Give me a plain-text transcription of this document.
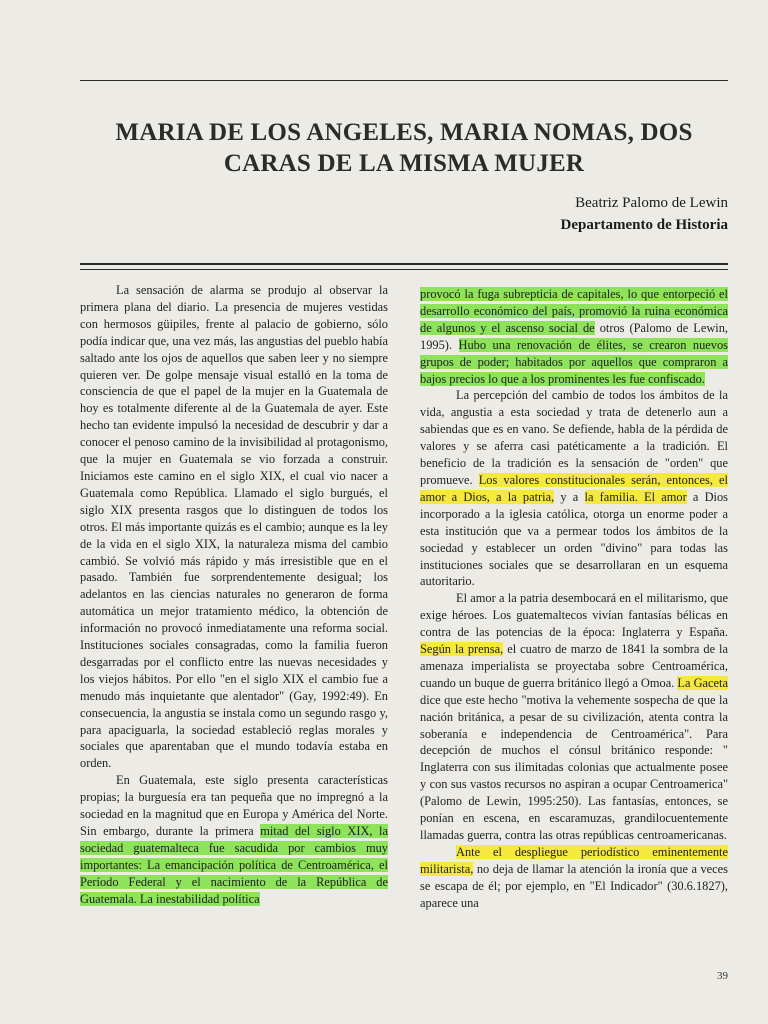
MARIA DE LOS ANGELES, MARIA NOMAS, DOS
CARAS DE LA MISMA MUJER
Beatriz Palomo de Lewin
Departamento de Historia

La sensación de alarma se produjo al observar la primera plana del diario. La presencia de mujeres vestidas con hermosos güipiles, frente al palacio de gobierno, sólo podía indicar que, una vez más, las angustias del pueblo había saltado ante los ojos de aquellos que saben leer y no siempre quieren ver. De golpe mensaje visual estalló en la toma de consciencia de que el papel de la mujer en la Guatemala de hoy es totalmente diferente al de la Guatemala de ayer. Este hecho tan evidente impulsó la necesidad de descubrir y dar a conocer el penoso camino de la invisibilidad al protagonismo, que la mujer en Guatemala se vio forzada a construir. Iniciamos este camino en el siglo XIX, el cual vio nacer a Guatemala como República. Llamado el siglo burgués, el siglo XIX presenta rasgos que lo distinguen de todos los otros. El más importante quizás es el cambio; aunque es la ley de la vida en el siglo XIX, la naturaleza misma del cambio cambió. Se volvió más rápido y más irresistible que en el pasado. También fue sorprendentemente desigual; los adelantos en las ciencias naturales no generaron de forma automática un mejor tratamiento médico, la obtención de información no provocó inmediatamente una reforma social. Instituciones sociales consagradas, como la familia fueron desgarradas por el conflicto entre las nuevas necesidades y los viejos hábitos. Por ello "en el siglo XIX el cambio fue a menudo más inquietante que alentador" (Gay, 1992:49). En consecuencia, la angustia se instala como un segundo rasgo y, para apaciguarla, la sociedad estableció reglas morales y sociales que aparentaban que el mundo todavía estaba en orden.

En Guatemala, este siglo presenta características propias; la burguesía era tan pequeña que no impregnó a la sociedad en la magnitud que en Europa y América del Norte. Sin embargo, durante la primera mitad del siglo XIX, la sociedad guatemalteca fue sacudida por cambios muy importantes: La emancipación política de Centroamérica, el Período Federal y el nacimiento de la República de Guatemala. La inestabilidad política

provocó la fuga subrepticia de capitales, lo que entorpeció el desarrollo económico del país, promovió la ruina económica de algunos y el ascenso social de otros (Palomo de Lewin, 1995). Hubo una renovación de élites, se crearon nuevos grupos de poder; habitados por aquellos que compraron a bajos precios lo que a los prominentes les fue confiscado.

La percepción del cambio de todos los ámbitos de la vida, angustia a esta sociedad y trata de detenerlo aun a sabiendas que es en vano. Se defiende, habla de la pérdida de valores y se aferra casi patéticamente a la tradición. El beneficio de la tradición es la sensación de "orden" que promueve. Los valores constitucionales serán, entonces, el amor a Dios, a la patria, y a la familia. El amor a Dios incorporado a la iglesia católica, otorga un enorme poder a esta institución que va a permear todos los ámbitos de la sociedad y establecer un orden "divino" para todas las instituciones sociales que se desarrollaran en un esquema autoritario.

El amor a la patria desembocará en el militarismo, que exige héroes. Los guatemaltecos vivían fantasías bélicas en contra de las potencias de la época: Inglaterra y España. Según la prensa, el cuatro de marzo de 1841 la sombra de la amenaza imperialista se proyectaba sobre Centroamérica, cuando un buque de guerra británico llegó a Omoa. La Gaceta dice que este hecho "motiva la vehemente sospecha de que la nación británica, a pesar de su civilización, atenta contra la soberanía e independencia de Centroamérica". Para decepción de muchos el cónsul británico responde: " Inglaterra con sus ilimitadas colonias que actualmente posee y con sus vastos recursos no aspiran a ocupar Centroamerica" (Palomo de Lewin, 1995:250). Las fantasías, entonces, se ponían en escena, en escaramuzas, grandilocuentemente llamadas guerra, contra las otras repúblicas centroamericanas.

Ante el despliegue periodístico eminentemente militarista, no deja de llamar la atención la ironía que a veces se escapa de él; por ejemplo, en "El Indicador" (30.6.1827), aparece una

39
